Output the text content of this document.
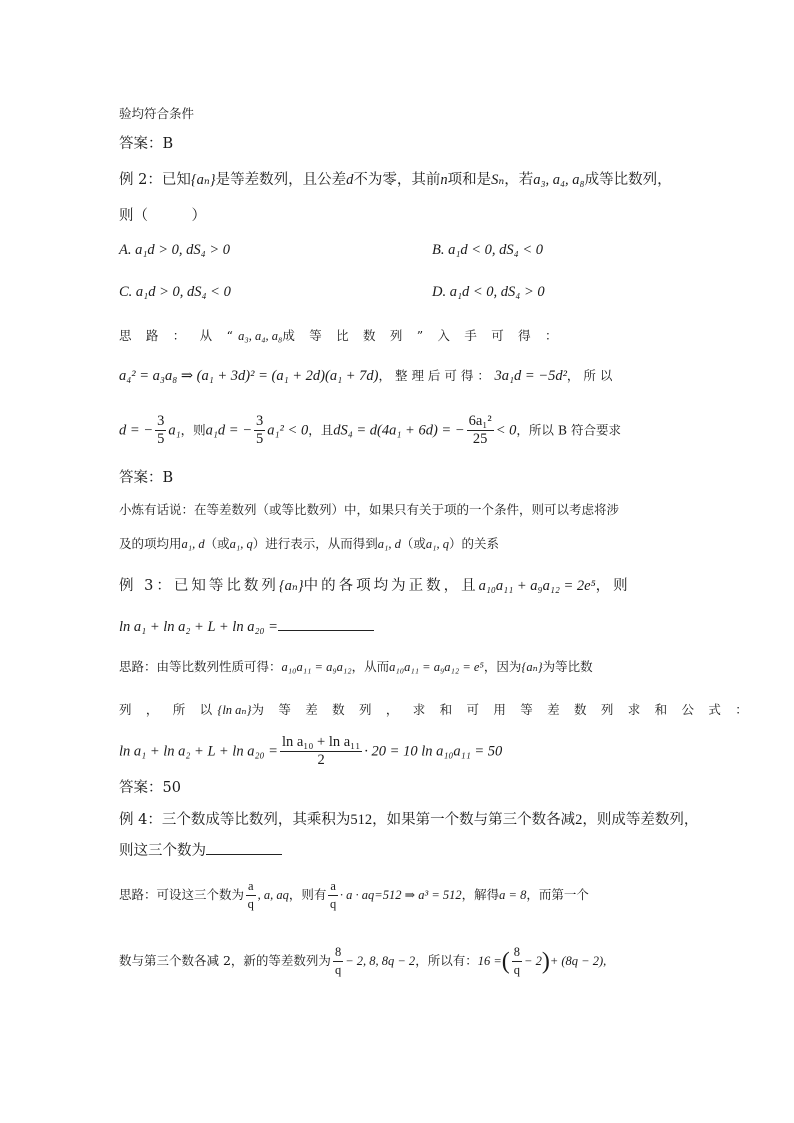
验均符合条件
答案：B
例 2：已知{aₙ}是等差数列，且公差d不为零，其前n项和是Sₙ，若a₃, a₄, a₈成等比数列，
则（　　　）
A. a₁d > 0, dS₄ > 0	B. a₁d < 0, dS₄ < 0
C. a₁d > 0, dS₄ < 0	D. a₁d < 0, dS₄ > 0
思 路 ： 从 “a₃, a₄, a₈成 等 比 数 列 ” 入 手 可 得 ：
a₄² = a₃a₈ ⇒ (a₁ + 3d)² = (a₁ + 2d)(a₁ + 7d)， 整 理 后 可 得 ： 3a₁d = −5d²， 所 以
d = − $\frac{3}{5} a_1$，则a₁d = − $\frac{3}{5} a_1^2 < 0$，且dS₄ = d(4a₁ + 6d) = − $\frac{\text{6a₁²}}{25} < 0$，所以 B 符合要求
答案：B
小炼有话说：在等差数列（或等比数列）中，如果只有关于项的一个条件，则可以考虑将涉
及的项均用a₁, d（或a₁, q）进行表示，从而得到a₁, d（或a₁, q）的关系
例 3：已知等比数列{aₙ}中的各项均为正数，且a₁₀a₁₁ + a₉a₁₂ = 2e⁵，则
ln a₁ + ln a₂ + L + ln a₂₀ =
思路：由等比数列性质可得：a₁₀a₁₁ = a₉a₁₂，从而a₁₀a₁₁ = a₉a₁₂ = e⁵，因为{aₙ}为等比数
列 ， 所 以{ln aₙ}为 等 差 数 列 ， 求 和 可 用 等 差 数 列 求 和 公 式 ：
$\ln a_1 + \ln a_2 + L + \ln a_{20} = \frac{\text{ln a₁₀ + ln a₁₁}}{2} \cdot 20 = 10$ ln a₁₀a₁₁ = 50
答案：50
例 4：三个数成等比数列，其乘积为512，如果第一个数与第三个数各减2，则成等差数列，
则这三个数为
思路：可设这三个数为 $\frac{a}{q}$ , a, aq，则有 $\frac{a}{q} \cdot a \cdot aq=512$ ⇒ a³ = 512，解得a = 8，而第一个
数与第三个数各减 2，新的等差数列为 $\frac{8}{q} - 2$, 8, 8q − 2，所以有：16 =( $\frac{8}{q} - 2)+ (8q - 2)$,
